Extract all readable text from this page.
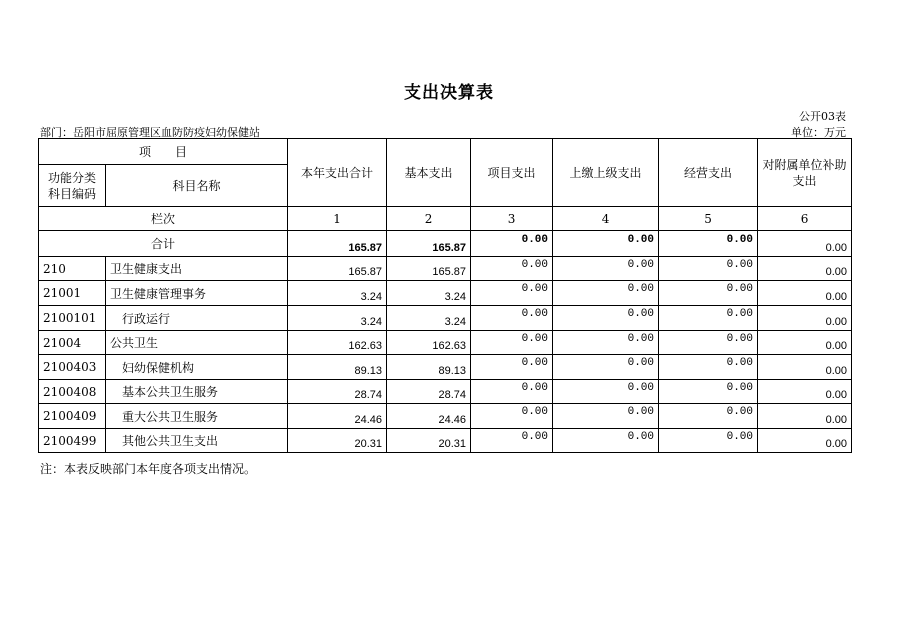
支出决算表
公开03表
部门：岳阳市屈原管理区血防防疫妇幼保健站	单位：万元
项　　目		本年支出合计	基本支出	项目支出	上缴上级支出	经营支出	对附属单位补助支出
功能分类科目编码	科目名称						
栏次		1	2	3	4	5	6
合计		165.87	165.87	0.00	0.00	0.00	0.00
210	卫生健康支出	165.87	165.87	0.00	0.00	0.00	0.00
21001	卫生健康管理事务	3.24	3.24	0.00	0.00	0.00	0.00
2100101	行政运行	3.24	3.24	0.00	0.00	0.00	0.00
21004	公共卫生	162.63	162.63	0.00	0.00	0.00	0.00
2100403	妇幼保健机构	89.13	89.13	0.00	0.00	0.00	0.00
2100408	基本公共卫生服务	28.74	28.74	0.00	0.00	0.00	0.00
2100409	重大公共卫生服务	24.46	24.46	0.00	0.00	0.00	0.00
2100499	其他公共卫生支出	20.31	20.31	0.00	0.00	0.00	0.00
注：本表反映部门本年度各项支出情况。
